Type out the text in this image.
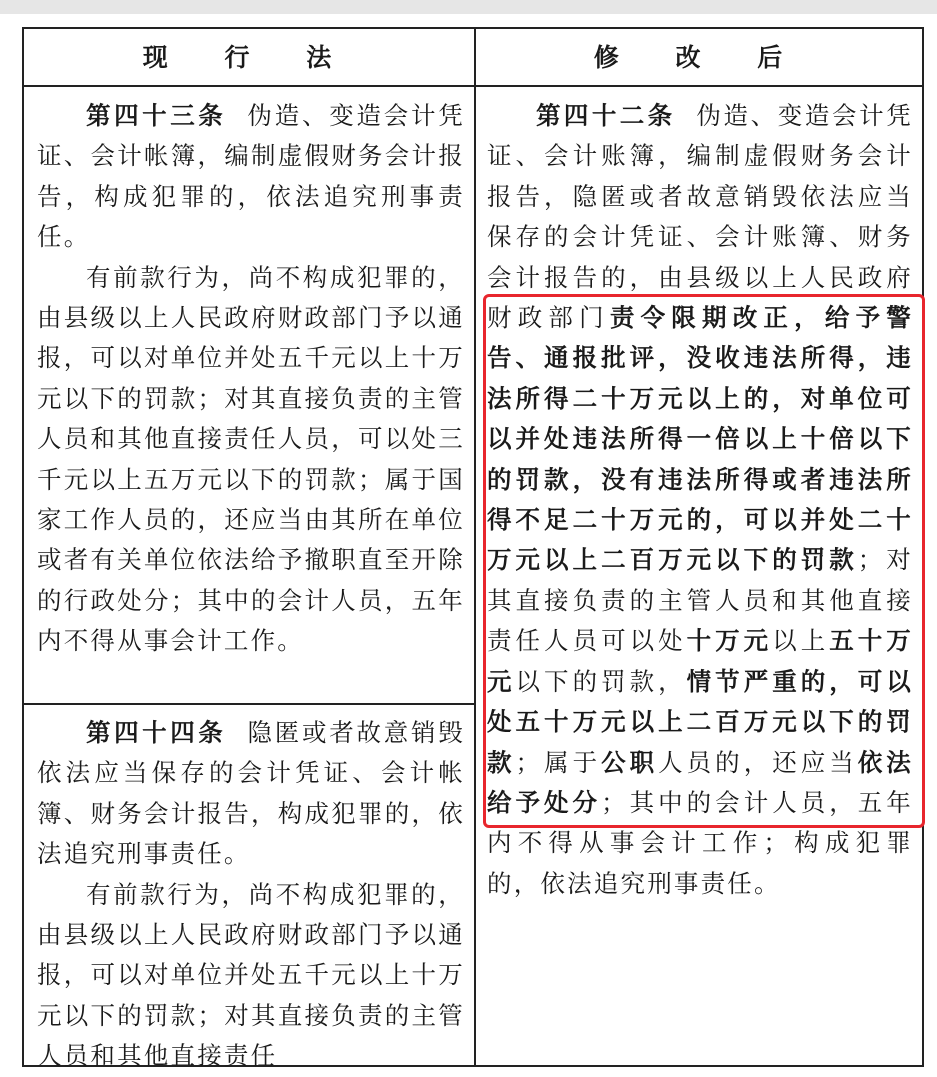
现 行 法	修 改 后

第四十三条 伪造、变造会计凭证、会计帐簿，编制虚假财务会计报告，构成犯罪的，依法追究刑事责任。

有前款行为，尚不构成犯罪的，由县级以上人民政府财政部门予以通报，可以对单位并处五千元以上十万元以下的罚款；对其直接负责的主管人员和其他直接责任人员，可以处三千元以上五万元以下的罚款；属于国家工作人员的，还应当由其所在单位或者有关单位依法给予撤职直至开除的行政处分；其中的会计人员，五年内不得从事会计工作。

第四十四条 隐匿或者故意销毁依法应当保存的会计凭证、会计帐簿、财务会计报告，构成犯罪的，依法追究刑事责任。

有前款行为，尚不构成犯罪的，由县级以上人民政府财政部门予以通报，可以对单位并处五千元以上十万元以下的罚款；对其直接负责的主管人员和其他直接责任

第四十二条 伪造、变造会计凭证、会计账簿，编制虚假财务会计报告，隐匿或者故意销毁依法应当保存的会计凭证、会计账簿、财务会计报告的，由县级以上人民政府财政部门责令限期改正，给予警告、通报批评，没收违法所得，违法所得二十万元以上的，对单位可以并处违法所得一倍以上十倍以下的罚款，没有违法所得或者违法所得不足二十万元的，可以并处二十万元以上二百万元以下的罚款；对其直接负责的主管人员和其他直接责任人员可以处十万元以上五十万元以下的罚款，情节严重的，可以处五十万元以上二百万元以下的罚款；属于公职人员的，还应当依法给予处分；其中的会计人员，五年内不得从事会计工作；构成犯罪的，依法追究刑事责任。
